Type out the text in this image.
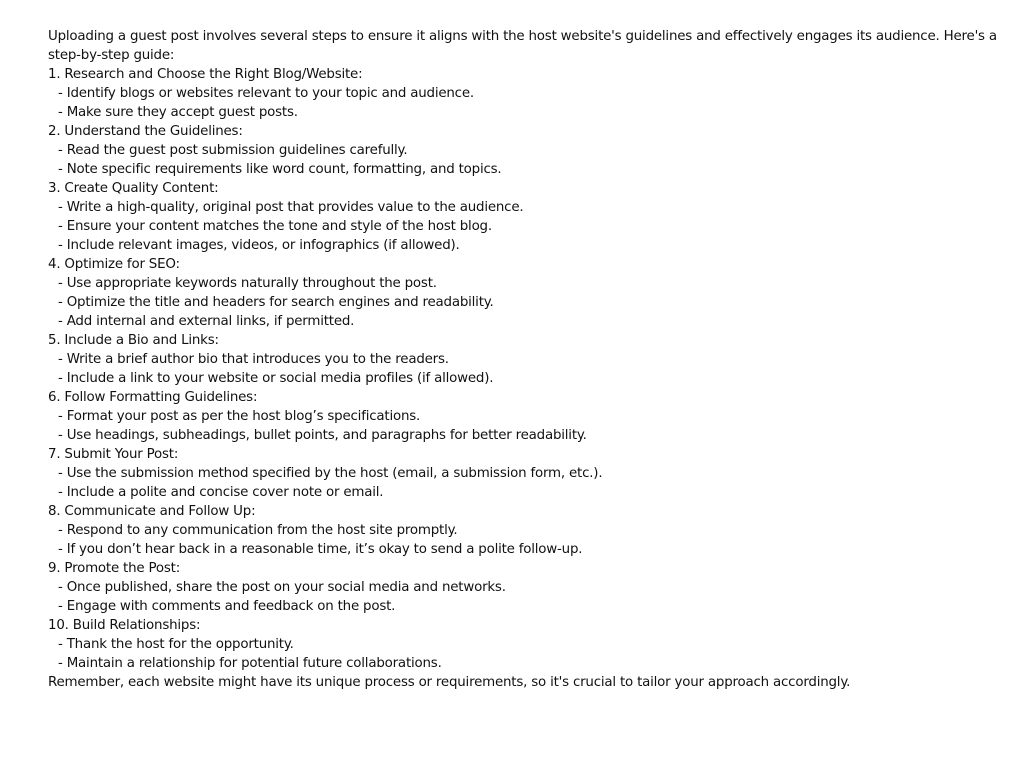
Uploading a guest post involves several steps to ensure it aligns with the host website's guidelines and effectively engages its audience. Here's a step-by-step guide:

1. Research and Choose the Right Blog/Website:

- Identify blogs or websites relevant to your topic and audience.

- Make sure they accept guest posts.

2. Understand the Guidelines:

- Read the guest post submission guidelines carefully.

- Note specific requirements like word count, formatting, and topics.

3. Create Quality Content:

- Write a high-quality, original post that provides value to the audience.

- Ensure your content matches the tone and style of the host blog.

- Include relevant images, videos, or infographics (if allowed).

4. Optimize for SEO:

- Use appropriate keywords naturally throughout the post.

- Optimize the title and headers for search engines and readability.

- Add internal and external links, if permitted.

5. Include a Bio and Links:

- Write a brief author bio that introduces you to the readers.

- Include a link to your website or social media profiles (if allowed).

6. Follow Formatting Guidelines:

- Format your post as per the host blog’s specifications.

- Use headings, subheadings, bullet points, and paragraphs for better readability.

7. Submit Your Post:

- Use the submission method specified by the host (email, a submission form, etc.).

- Include a polite and concise cover note or email.

8. Communicate and Follow Up:

- Respond to any communication from the host site promptly.

- If you don’t hear back in a reasonable time, it’s okay to send a polite follow-up.

9. Promote the Post:

- Once published, share the post on your social media and networks.

- Engage with comments and feedback on the post.

10. Build Relationships:

- Thank the host for the opportunity.

- Maintain a relationship for potential future collaborations.

Remember, each website might have its unique process or requirements, so it's crucial to tailor your approach accordingly.
